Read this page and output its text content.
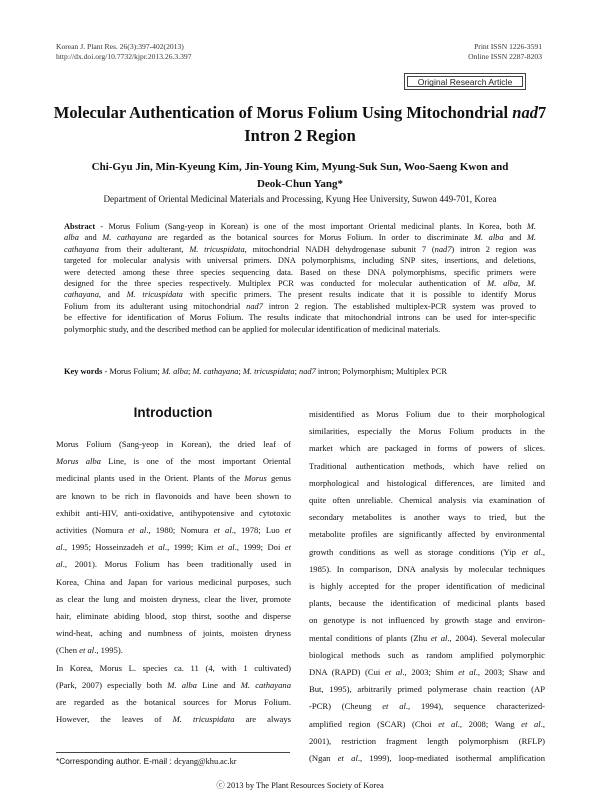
Korean J. Plant Res. 26(3):397-402(2013)
http://dx.doi.org/10.7732/kjpr.2013.26.3.397
Print ISSN 1226-3591
Online ISSN 2287-8203
Original Research Article
Molecular Authentication of Morus Folium Using Mitochondrial nad7
Intron 2 Region
Chi-Gyu Jin, Min-Kyeung Kim, Jin-Young Kim, Myung-Suk Sun, Woo-Saeng Kwon and
Deok-Chun Yang*
Department of Oriental Medicinal Materials and Processing, Kyung Hee University, Suwon 449-701, Korea
Abstract - Morus Folium (Sang-yeop in Korean) is one of the most important Oriental medicinal plants. In Korea, both M.
alba and M. cathayana are regarded as the botanical sources for Morus Folium. In order to discriminate M. alba and M.
cathayana from their adulterant, M. tricuspidata, mitochondrial NADH dehydrogenase subunit 7 (nad7) intron 2 region was
targeted for molecular analysis with universal primers. DNA polymorphisms, including SNP sites, insertions, and deletions,
were detected among these three species sequencing data. Based on these DNA polymorphisms, specific primers were
designed for the three species respectively. Multiplex PCR was conducted for molecular authentication of M. alba, M.
cathayana, and M. tricuspidata with specific primers. The present results indicate that it is possible to identify Morus
Folium from its adulterant using mitochondrial nad7 intron 2 region. The established multiplex-PCR system was proved to
be effective for identification of Morus Folium. The results indicate that mitochondrial introns can be used for inter-specific
polymorphic study, and the described method can be applied for molecular identification of medicinal materials.
Key words - Morus Folium; M. alba; M. cathayana; M. tricuspidata; nad7 intron; Polymorphism; Multiplex PCR
Introduction
Morus Folium (Sang-yeop in Korean), the dried leaf of
Morus alba Line, is one of the most important Oriental
medicinal plants used in the Orient. Plants of the Morus genus
are known to be rich in flavonoids and have been shown to
exhibit anti-HIV, anti-oxidative, antihypotensive and cytotoxic
activities (Nomura et al., 1980; Nomura et al., 1978; Luo et
al., 1995; Hosseinzadeh et al., 1999; Kim et al., 1999; Doi et
al., 2001). Morus Folium has been traditionally used in
Korea, China and Japan for various medicinal purposes, such
as clear the lung and moisten dryness, clear the liver, promote
hair, eliminate abiding blood, stop thirst, soothe and disperse
wind-heat, aching and numbness of joints, moisten dryness
(Chen et al., 1995).
In Korea, Morus L. species ca. 11 (4, with 1 cultivated)
(Park, 2007) especially both M. alba Line and M. cathayana
are regarded as the botanical sources for Morus Folium.
However, the leaves of M. tricuspidata are always
misidentified as Morus Folium due to their morphological
similarities, especially the Morus Folium products in the
market which are packaged in forms of powers of slices.
Traditional authentication methods, which have relied on
morphological and histological differences, are limited and
quite often unreliable. Chemical analysis via examination of
secondary metabolites is another ways to tried, but the
metabolite profiles are significantly affected by environmental
growth conditions as well as storage conditions (Yip et al.,
1985). In comparison, DNA analysis by molecular techniques
is highly accepted for the proper identification of medicinal
plants, because the identification of medicinal plants based
on genotype is not influenced by growth stage and environ-
mental conditions of plants (Zhu et al., 2004). Several molecular
biological methods such as random amplified polymorphic
DNA (RAPD) (Cui et al., 2003; Shim et al., 2003; Shaw and
But, 1995), arbitrarily primed polymerase chain reaction (AP
-PCR) (Cheung et al., 1994), sequence characterized-
amplified region (SCAR) (Choi et al., 2008; Wang et al.,
2001), restriction fragment length polymorphism (RFLP)
(Ngan et al., 1999), loop-mediated isothermal amplification
*Corresponding author. E-mail : dcyang@khu.ac.kr
ⓒ 2013 by The Plant Resources Society of Korea
